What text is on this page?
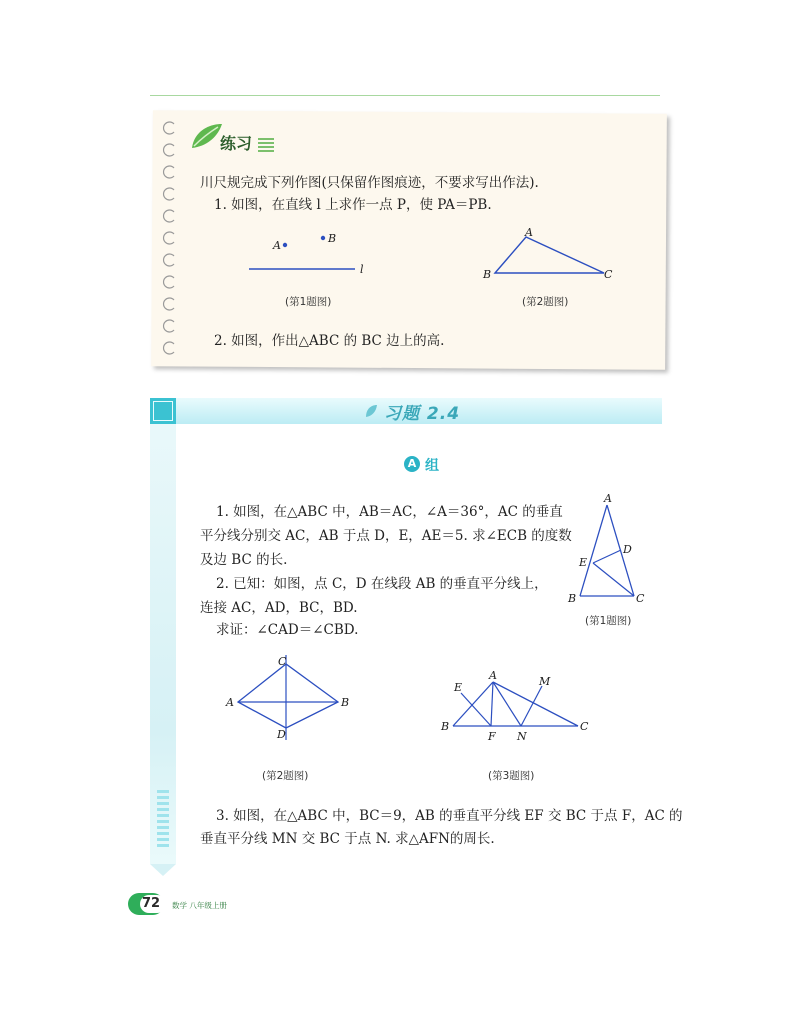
练习
川尺规完成下列作图(只保留作图痕迹，不要求写出作法).
1. 如图，在直线 l 上求作一点 P，使 PA＝PB.
A
B
l
(第1题图)
A
B	C
(第2题图)
2. 如图，作出△ABC 的 BC 边上的高.
习题 2.4
A 组
1. 如图，在△ABC 中，AB＝AC，∠A＝36°，AC 的垂直
平分线分别交 AC，AB 于点 D，E，AE＝5. 求∠ECB 的度数
及边 BC 的长.
2. 已知：如图，点 C，D 在线段 AB 的垂直平分线上，
连接 AC，AD，BC，BD.
求证：∠CAD＝∠CBD.
A
D
E
B	C
(第1题图)
C
A	B
D
(第2题图)
E
A	M
B
F N
C
(第3题图)
3. 如图，在△ABC 中，BC＝9，AB 的垂直平分线 EF 交 BC 于点 F，AC 的
垂直平分线 MN 交 BC 于点 N. 求△AFN的周长.
72 数学 八年级上册
